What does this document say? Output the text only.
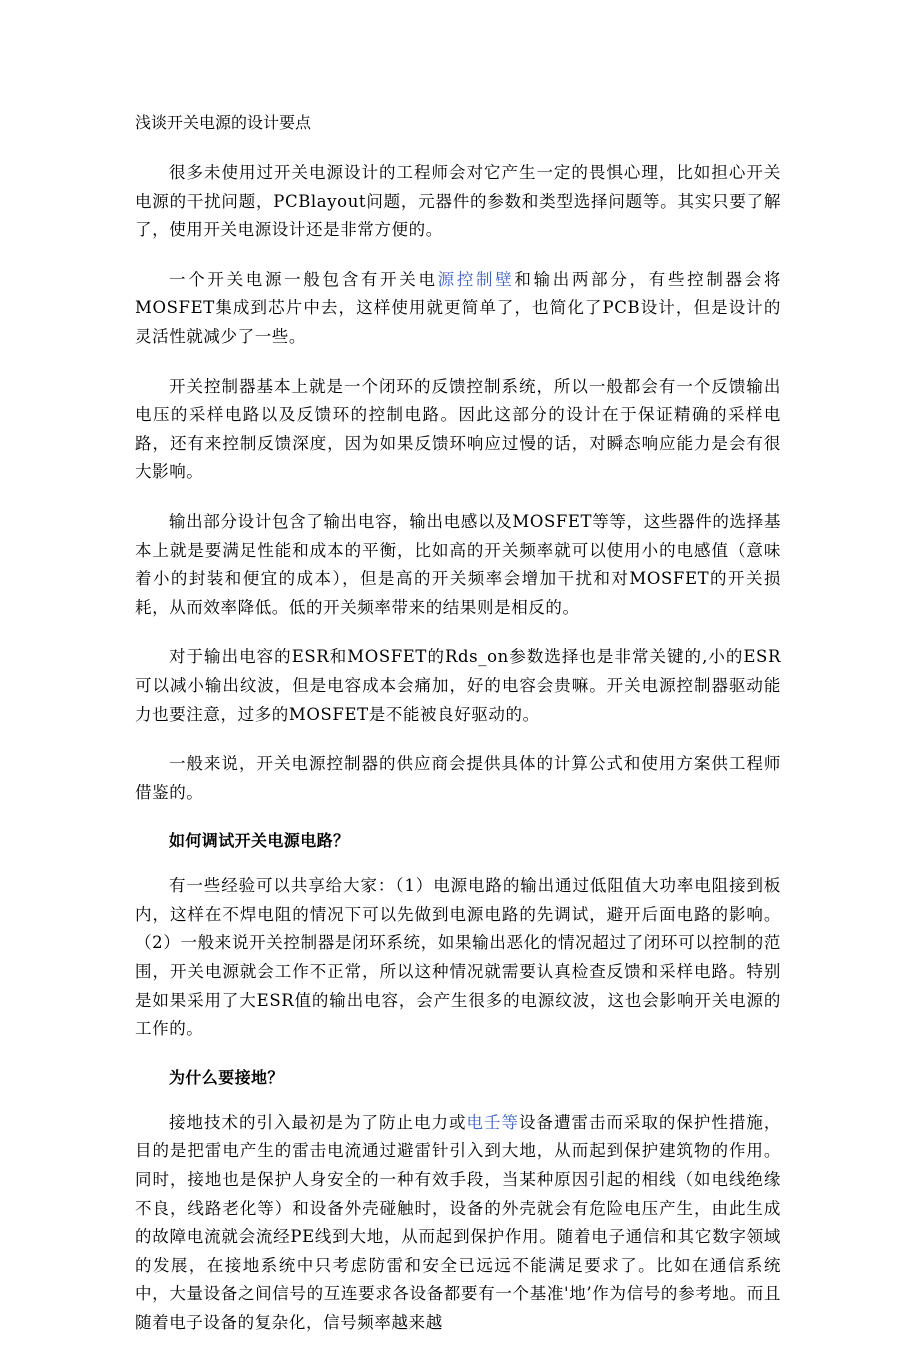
浅谈开关电源的设计要点

很多未使用过开关电源设计的工程师会对它产生一定的畏惧心理，比如担心开关电源的干扰问题，PCBlayout问题，元器件的参数和类型选择问题等。其实只要了解了，使用开关电源设计还是非常方便的。

一个开关电源一般包含有开关电源控制壁和输出两部分，有些控制器会将MOSFET集成到芯片中去，这样使用就更简单了，也简化了PCB设计，但是设计的灵活性就减少了一些。

开关控制器基本上就是一个闭环的反馈控制系统，所以一般都会有一个反馈输出电压的采样电路以及反馈环的控制电路。因此这部分的设计在于保证精确的采样电路，还有来控制反馈深度，因为如果反馈环响应过慢的话，对瞬态响应能力是会有很大影响。

输出部分设计包含了输出电容，输出电感以及MOSFET等等，这些器件的选择基本上就是要满足性能和成本的平衡，比如高的开关频率就可以使用小的电感值（意味着小的封装和便宜的成本），但是高的开关频率会增加干扰和对MOSFET的开关损耗，从而效率降低。低的开关频率带来的结果则是相反的。

对于输出电容的ESR和MOSFET的Rds_on参数选择也是非常关键的,小的ESR可以减小输出纹波，但是电容成本会痛加，好的电容会贵嘛。开关电源控制器驱动能力也要注意，过多的MOSFET是不能被良好驱动的。

一般来说，开关电源控制器的供应商会提供具体的计算公式和使用方案供工程师借鉴的。

如何调试开关电源电路？

有一些经验可以共享给大家：（1）电源电路的输出通过低阻值大功率电阻接到板内，这样在不焊电阻的情况下可以先做到电源电路的先调试，避开后面电路的影响。（2）一般来说开关控制器是闭环系统，如果输出恶化的情况超过了闭环可以控制的范围，开关电源就会工作不正常，所以这种情况就需要认真检查反馈和采样电路。特别是如果采用了大ESR值的输出电容，会产生很多的电源纹波，这也会影响开关电源的工作的。

为什么要接地？

接地技术的引入最初是为了防止电力或电壬等设备遭雷击而采取的保护性措施，目的是把雷电产生的雷击电流通过避雷针引入到大地，从而起到保护建筑物的作用。同时，接地也是保护人身安全的一种有效手段，当某种原因引起的相线（如电线绝缘不良，线路老化等）和设备外壳碰触时，设备的外壳就会有危险电压产生，由此生成的故障电流就会流经PE线到大地，从而起到保护作用。随着电子通信和其它数字领域的发展，在接地系统中只考虑防雷和安全已远远不能满足要求了。比如在通信系统中，大量设备之间信号的互连要求各设备都要有一个基准'地’作为信号的参考地。而且随着电子设备的复杂化，信号频率越来越
